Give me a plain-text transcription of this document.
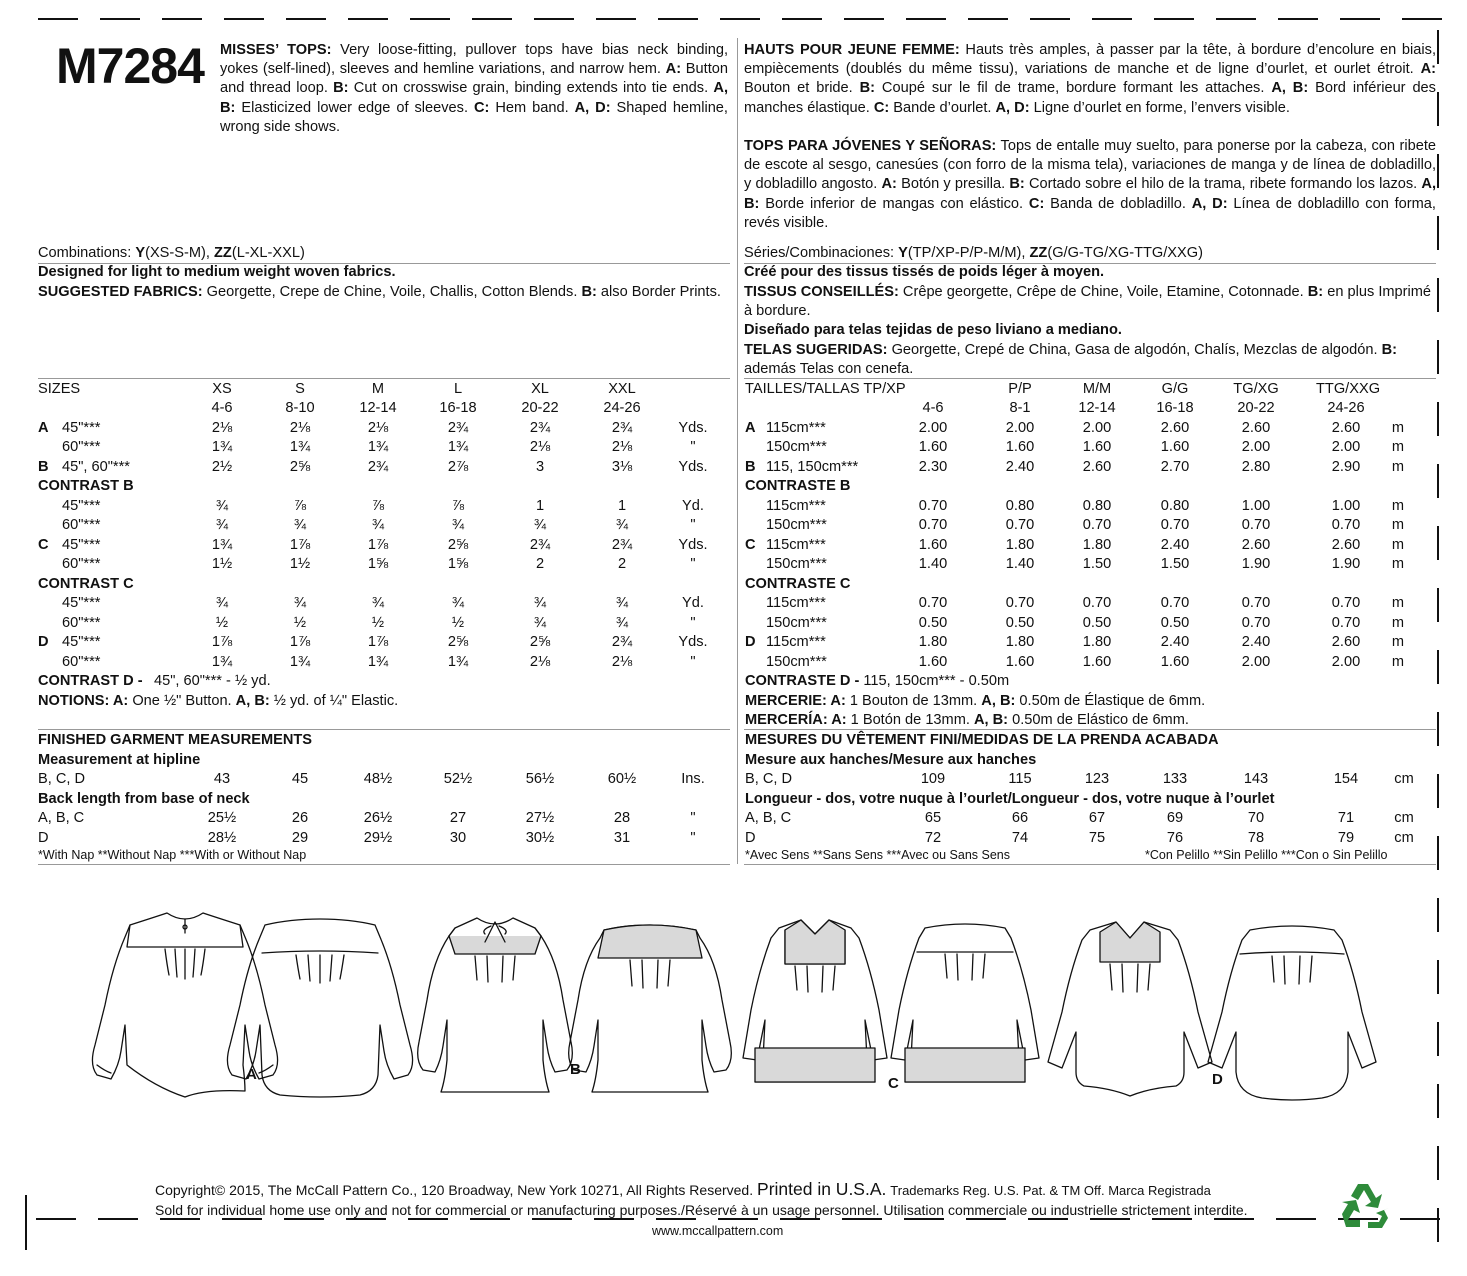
M7284 MISSES’ TOPS: Very loose-fitting, pullover tops have bias neck binding, yokes (self-lined), sleeves and hemline variations, and narrow hem. A: Button and thread loop. B: Cut on crosswise grain, binding extends into tie ends. A, B: Elasticized lower edge of sleeves. C: Hem band. A, D: Shaped hemline, wrong side shows.
HAUTS POUR JEUNE FEMME: Hauts très amples, à passer par la tête, à bordure d’encolure en biais, empiècements (doublés du même tissu), variations de manche et de ligne d’ourlet, et ourlet étroit. A: Bouton et bride. B: Coupé sur le fil de trame, bordure formant les attaches. A, B: Bord inférieur des manches élastique. C: Bande d’ourlet. A, D: Ligne d’ourlet en forme, l’envers visible.
TOPS PARA JÓVENES Y SEÑORAS: Tops de entalle muy suelto, para ponerse por la cabeza, con ribete de escote al sesgo, canesúes (con forro de la misma tela), variaciones de manga y de línea de dobladillo, y dobladillo angosto. A: Botón y presilla. B: Cortado sobre el hilo de la trama, ribete formando los lazos. A, B: Borde inferior de mangas con elástico. C: Banda de dobladillo. A, D: Línea de dobladillo con forma, revés visible.
Combinations: Y(XS-S-M), ZZ(L-XL-XXL)
Designed for light to medium weight woven fabrics.
SUGGESTED FABRICS: Georgette, Crepe de Chine, Voile, Challis, Cotton Blends. B: also Border Prints.
Séries/Combinaciones: Y(TP/XP-P/P-M/M), ZZ(G/G-TG/XG-TTG/XXG)
Créé pour des tissus tissés de poids léger à moyen.
TISSUS CONSEILLÉS: Crêpe georgette, Crêpe de Chine, Voile, Etamine, Cotonnade. B: en plus Imprimé à bordure.
Diseñado para telas tejidas de peso liviano a mediano.
TELAS SUGERIDAS: Georgette, Crepé de China, Gasa de algodón, Chalís, Mezclas de algodón. B: además Telas con cenefa.
SIZES	XS	S	M	L	XL	XXL
4-6	8-10	12-14	16-18	20-22	24-26
A 45"***	2⅛	2⅛	2⅛	2¾	2¾	2¾	Yds.
60"***	1¾	1¾	1¾	1¾	2⅛	2⅛	"
B 45", 60"***	2½	2⅝	2¾	2⅞	3	3⅛	Yds.
CONTRAST B
45"***	¾	⅞	⅞	⅞	1	1	Yd.
60"***	¾	¾	¾	¾	¾	¾	"
C 45"***	1¾	1⅞	1⅞	2⅝	2¾	2¾	Yds.
60"***	1½	1½	1⅝	1⅝	2	2	"
CONTRAST C
45"***	¾	¾	¾	¾	¾	¾	Yd.
60"***	½	½	½	½	¾	¾	"
D 45"***	1⅞	1⅞	1⅞	2⅝	2⅝	2¾	Yds.
60"***	1¾	1¾	1¾	1¾	2⅛	2⅛	"
CONTRAST D - 45", 60"*** - ½ yd.
NOTIONS: A: One ½" Button. A, B: ½ yd. of ¼" Elastic.
FINISHED GARMENT MEASUREMENTS
Measurement at hipline
B, C, D	43	45	48½	52½	56½	60½	Ins.
Back length from base of neck
A, B, C	25½	26	26½	27	27½	28	"
D	28½	29	29½	30	30½	31	"
*With Nap **Without Nap ***With or Without Nap
TAILLES/TALLAS TP/XP	P/P	M/M	G/G	TG/XG	TTG/XXG
4-6	8-1	12-14	16-18	20-22	24-26
A 115cm***	2.00	2.00	2.00	2.60	2.60	2.60	m
150cm***	1.60	1.60	1.60	1.60	2.00	2.00	m
B 115, 150cm***	2.30	2.40	2.60	2.70	2.80	2.90	m
CONTRASTE B
115cm***	0.70	0.80	0.80	0.80	1.00	1.00	m
150cm***	0.70	0.70	0.70	0.70	0.70	0.70	m
C 115cm***	1.60	1.80	1.80	2.40	2.60	2.60	m
150cm***	1.40	1.40	1.50	1.50	1.90	1.90	m
CONTRASTE C
115cm***	0.70	0.70	0.70	0.70	0.70	0.70	m
150cm***	0.50	0.50	0.50	0.50	0.70	0.70	m
D 115cm***	1.80	1.80	1.80	2.40	2.40	2.60	m
150cm***	1.60	1.60	1.60	1.60	2.00	2.00	m
CONTRASTE D - 115, 150cm*** - 0.50m
MERCERIE: A: 1 Bouton de 13mm. A, B: 0.50m de Élastique de 6mm.
MERCERÍA: A: 1 Botón de 13mm. A, B: 0.50m de Elástico de 6mm.
MESURES DU VÊTEMENT FINI/MEDIDAS DE LA PRENDA ACABADA
Mesure aux hanches/Mesure aux hanches
B, C, D	109	115	123	133	143	154	cm
Longueur - dos, votre nuque à l’ourlet/Longueur - dos, votre nuque à l’ourlet
A, B, C	65	66	67	69	70	71	cm
D	72	74	75	76	78	79	cm
*Avec Sens **Sans Sens ***Avec ou Sans Sens	*Con Pelillo **Sin Pelillo ***Con o Sin Pelillo
A	B
C	D
Copyright© 2015, The McCall Pattern Co., 120 Broadway, New York 10271, All Rights Reserved. Printed in U.S.A. Trademarks Reg. U.S. Pat. & TM Off. Marca Registrada
Sold for individual home use only and not for commercial or manufacturing purposes./Réservé à un usage personnel. Utilisation commerciale ou industrielle strictement interdite.
www.mccallpattern.com
